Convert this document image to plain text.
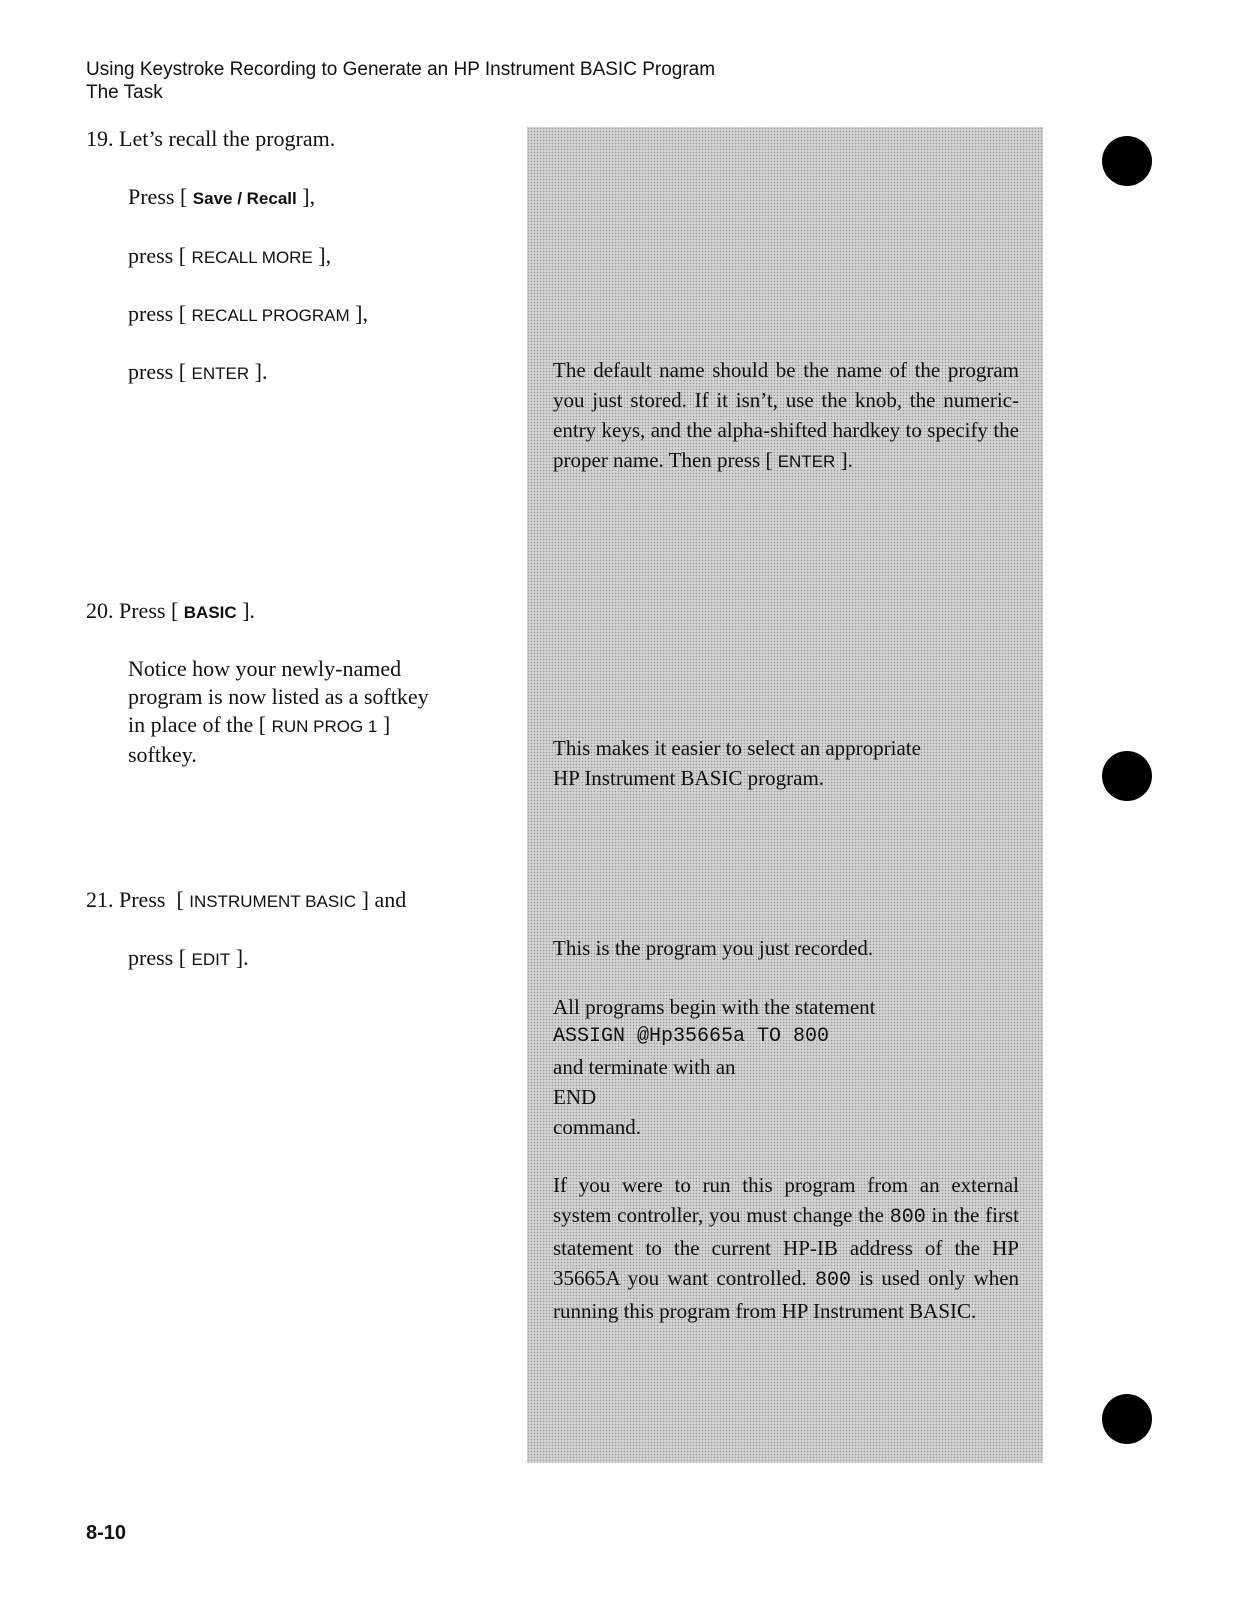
Using Keystroke Recording to Generate an HP Instrument BASIC Program
The Task
19. Let’s recall the program.
Press [ Save / Recall ],
press [ RECALL MORE ],
press [ RECALL PROGRAM ],
press [ ENTER ].
20. Press [ BASIC ].
Notice how your newly-named
program is now listed as a softkey
in place of the [ RUN PROG 1 ]
softkey.
21. Press  [ INSTRUMENT BASIC ] and
press [ EDIT ].
The default name should be the name of the program you just stored. If it isn’t, use the knob, the numeric-entry keys, and the alpha-shifted hardkey to specify the proper name. Then press [ ENTER ].
This makes it easier to select an appropriate
HP Instrument BASIC program.
This is the program you just recorded.
All programs begin with the statement
ASSIGN @Hp35665a TO 800
and terminate with an
END
command.
If you were to run this program from an external system controller, you must change the 800 in the first statement to the current HP-IB address of the HP 35665A you want controlled. 800 is used only when running this program from HP Instrument BASIC.
8-10
